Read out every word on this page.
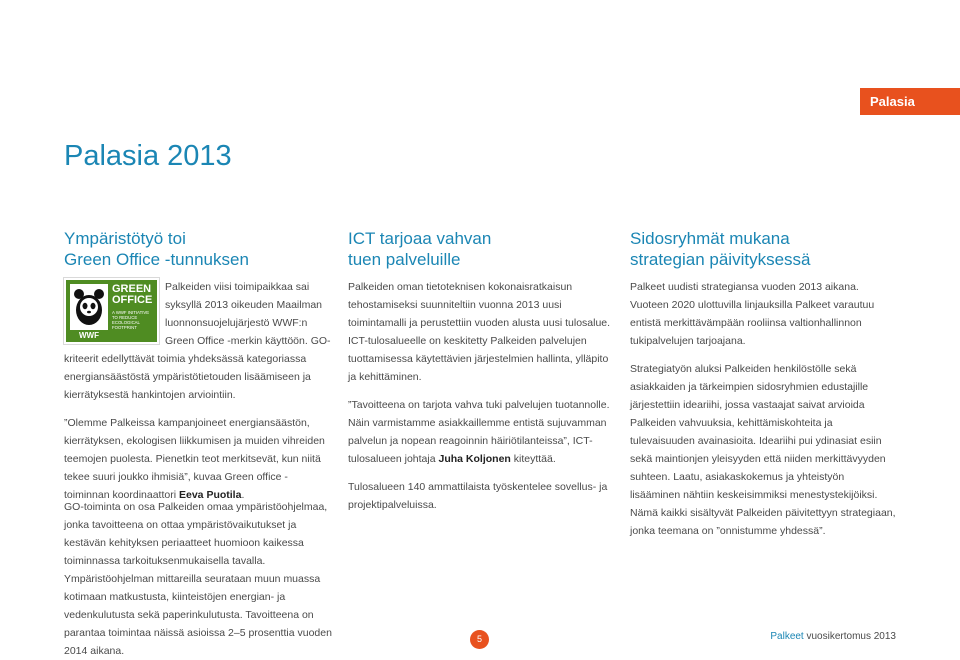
Palasia
Palasia 2013
Ympäristötyö toi
Green Office -tunnuksen
GREEN
OFFICE
A WWF INITIATIVE TO REDUCE ECOLOGICAL FOOTPRINT
WWF

Palkeiden viisi toimipaikkaa sai syksyllä 2013 oikeuden Maailman luonnonsuojelujärjestö WWF:n Green Office -merkin käyttöön. GO-kriteerit edellyttävät toimia yhdeksässä kategoriassa energiansäästöstä ympäristötietouden lisäämiseen ja kierrätyksestä hankintojen arviointiin.

”Olemme Palkeissa kampanjoineet energiansäästön, kierrätyksen, ekologisen liikkumisen ja muiden vihreiden teemojen puolesta. Pienetkin teot merkitsevät, kun niitä tekee suuri joukko ihmisiä”, kuvaa Green office -toiminnan koordinaattori Eeva Puotila.

GO-toiminta on osa Palkeiden omaa ympäristöohjelmaa, jonka tavoitteena on ottaa ympäristövaikutukset ja kestävän kehityksen periaatteet huomioon kaikessa toiminnassa tarkoituksenmukaisella tavalla. Ympäristöohjelman mittareilla seurataan muun muassa kotimaan matkustusta, kiinteistöjen energian- ja vedenkulutusta sekä paperinkulutusta. Tavoitteena on parantaa toimintaa näissä asioissa 2–5 prosenttia vuoden 2014 aikana.

ICT tarjoaa vahvan
tuen palveluille

Palkeiden oman tietoteknisen kokonaisratkaisun tehostamiseksi suunniteltiin vuonna 2013 uusi toimintamalli ja perustettiin vuoden alusta uusi tulosalue. ICT-tulosalueelle on keskitetty Palkeiden palvelujen tuottamisessa käytettävien järjestelmien hallinta, ylläpito ja kehittäminen.

”Tavoitteena on tarjota vahva tuki palvelujen tuotannolle. Näin varmistamme asiakkaillemme entistä sujuvamman palvelun ja nopean reagoinnin häiriötilanteissa”, ICT-tulosalueen johtaja Juha Koljonen kiteyttää.

Tulosalueen 140 ammattilaista työskentelee sovellus- ja projektipalveluissa.

Sidosryhmät mukana
strategian päivityksessä

Palkeet uudisti strategiansa vuoden 2013 aikana. Vuoteen 2020 ulottuvilla linjauksilla Palkeet varautuu entistä merkittävämpään rooliinsa valtionhallinnon tukipalvelujen tarjoajana.

Strategiatyön aluksi Palkeiden henkilöstölle sekä asiakkaiden ja tärkeimpien sidosryhmien edustajille järjestettiin ideariihi, jossa vastaajat saivat arvioida Palkeiden vahvuuksia, kehittämiskohteita ja tulevaisuuden avainasioita. Ideariihi pui ydinasiat esiin sekä maintionjen yleisyyden että niiden merkittävyyden suhteen. Laatu, asiakaskokemus ja yhteistyön lisääminen nähtiin keskeisimmiksi menestystekijöiksi. Nämä kaikki sisältyvät Palkeiden päivitettyyn strategiaan, jonka teemana on ”onnistumme yhdessä”.

5	Palkeet vuosikertomus 2013
